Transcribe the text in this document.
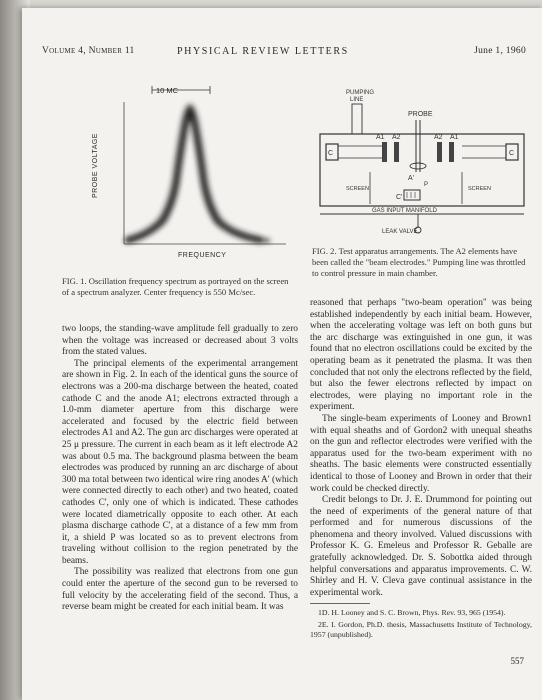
Volume 4, Number 11	PHYSICAL REVIEW LETTERS	June 1, 1960
10 MC
PROBE VOLTAGE
FREQUENCY
FIG. 1. Oscillation frequency spectrum as portrayed on the screen of a spectrum analyzer. Center frequency is 550 Mc/sec.
PUMPING
LINE
PROBE
C
A1 A2
C
A2 A1
A'
SCREEN	SCREEN
C'
P
GAS INPUT MANIFOLD
LEAK VALVE
FIG. 2. Test apparatus arrangements. The A2 elements have been called the "beam electrodes." Pumping line was throttled to control pressure in main chamber.

two loops, the standing-wave amplitude fell gradually to zero when the voltage was increased or decreased about 3 volts from the stated values.

The principal elements of the experimental arrangement are shown in Fig. 2. In each of the identical guns the source of electrons was a 200-ma discharge between the heated, coated cathode C and the anode A1; electrons extracted through a 1.0-mm diameter aperture from this discharge were accelerated and focused by the electric field between electrodes A1 and A2. The gun arc discharges were operated at 25 μ pressure. The current in each beam as it left electrode A2 was about 0.5 ma. The background plasma between the beam electrodes was produced by running an arc discharge of about 300 ma total between two identical wire ring anodes A' (which were connected directly to each other) and two heated, coated cathodes C', only one of which is indicated. These cathodes were located diametrically opposite to each other. At each plasma discharge cathode C', at a distance of a few mm from it, a shield P was located so as to prevent electrons from traveling without collision to the region penetrated by the beams.

The possibility was realized that electrons from one gun could enter the aperture of the second gun to be reversed to full velocity by the accelerating field of the second. Thus, a reverse beam might be created for each initial beam. It was

reasoned that perhaps "two-beam operation" was being established independently by each initial beam. However, when the accelerating voltage was left on both guns but the arc discharge was extinguished in one gun, it was found that no electron oscillations could be excited by the operating beam as it penetrated the plasma. It was then concluded that not only the electrons reflected by the field, but also the fewer electrons reflected by impact on electrodes, were playing no important role in the experiment.

The single-beam experiments of Looney and Brown1 with equal sheaths and of Gordon2 with unequal sheaths on the gun and reflector electrodes were verified with the apparatus used for the two-beam experiment with no sheaths. The basic elements were constructed essentially identical to those of Looney and Brown in order that their work could be checked directly.

Credit belongs to Dr. J. E. Drummond for pointing out the need of experiments of the general nature of that performed and for numerous discussions of the phenomena and theory involved. Valued discussions with Professor K. G. Emeleus and Professor R. Geballe are gratefully acknowledged. Dr. S. Sobottka aided through helpful conversations and apparatus improvements. C. W. Shirley and H. V. Cleva gave continual assistance in the experimental work.

1D. H. Looney and S. C. Brown, Phys. Rev. 93, 965 (1954).

2E. I. Gordon, Ph.D. thesis, Massachusetts Institute of Technology, 1957 (unpublished).

557
